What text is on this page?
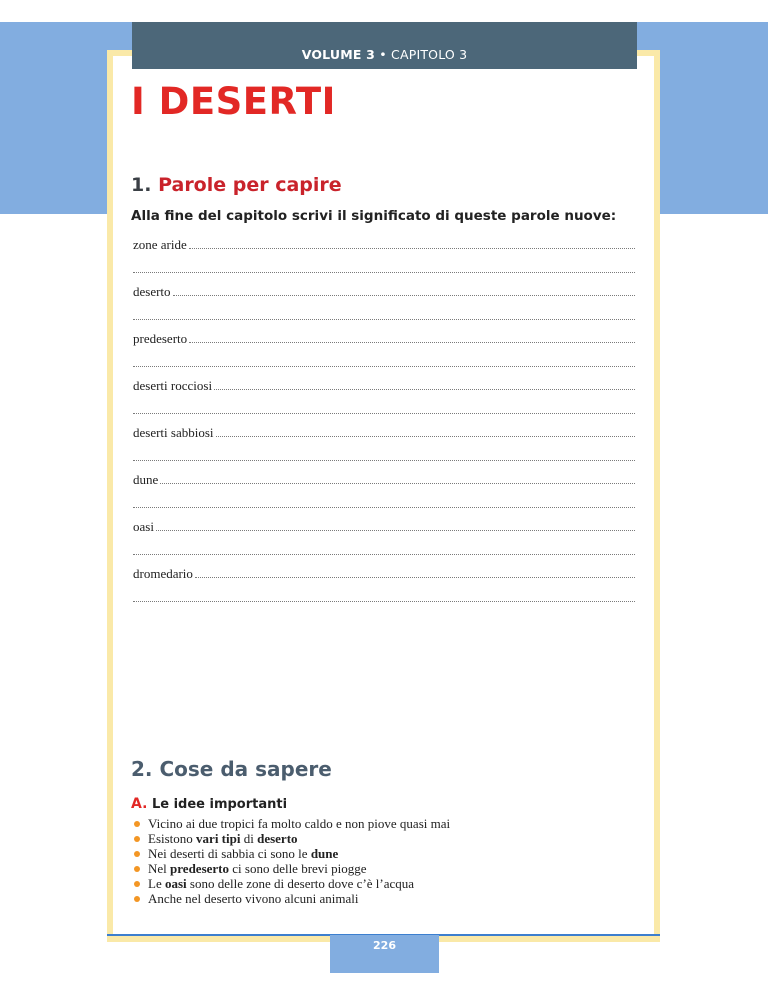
VOLUME 3 • CAPITOLO 3
I DESERTI
1. Parole per capire
Alla fine del capitolo scrivi il significato di queste parole nuove:
zone aride
deserto
predeserto
deserti rocciosi
deserti sabbiosi
dune
oasi
dromedario
2. Cose da sapere
A. Le idee importanti
Vicino ai due tropici fa molto caldo e non piove quasi mai
Esistono vari tipi di deserto
Nei deserti di sabbia ci sono le dune
Nel predeserto ci sono delle brevi piogge
Le oasi sono delle zone di deserto dove c’è l’acqua
Anche nel deserto vivono alcuni animali
226
